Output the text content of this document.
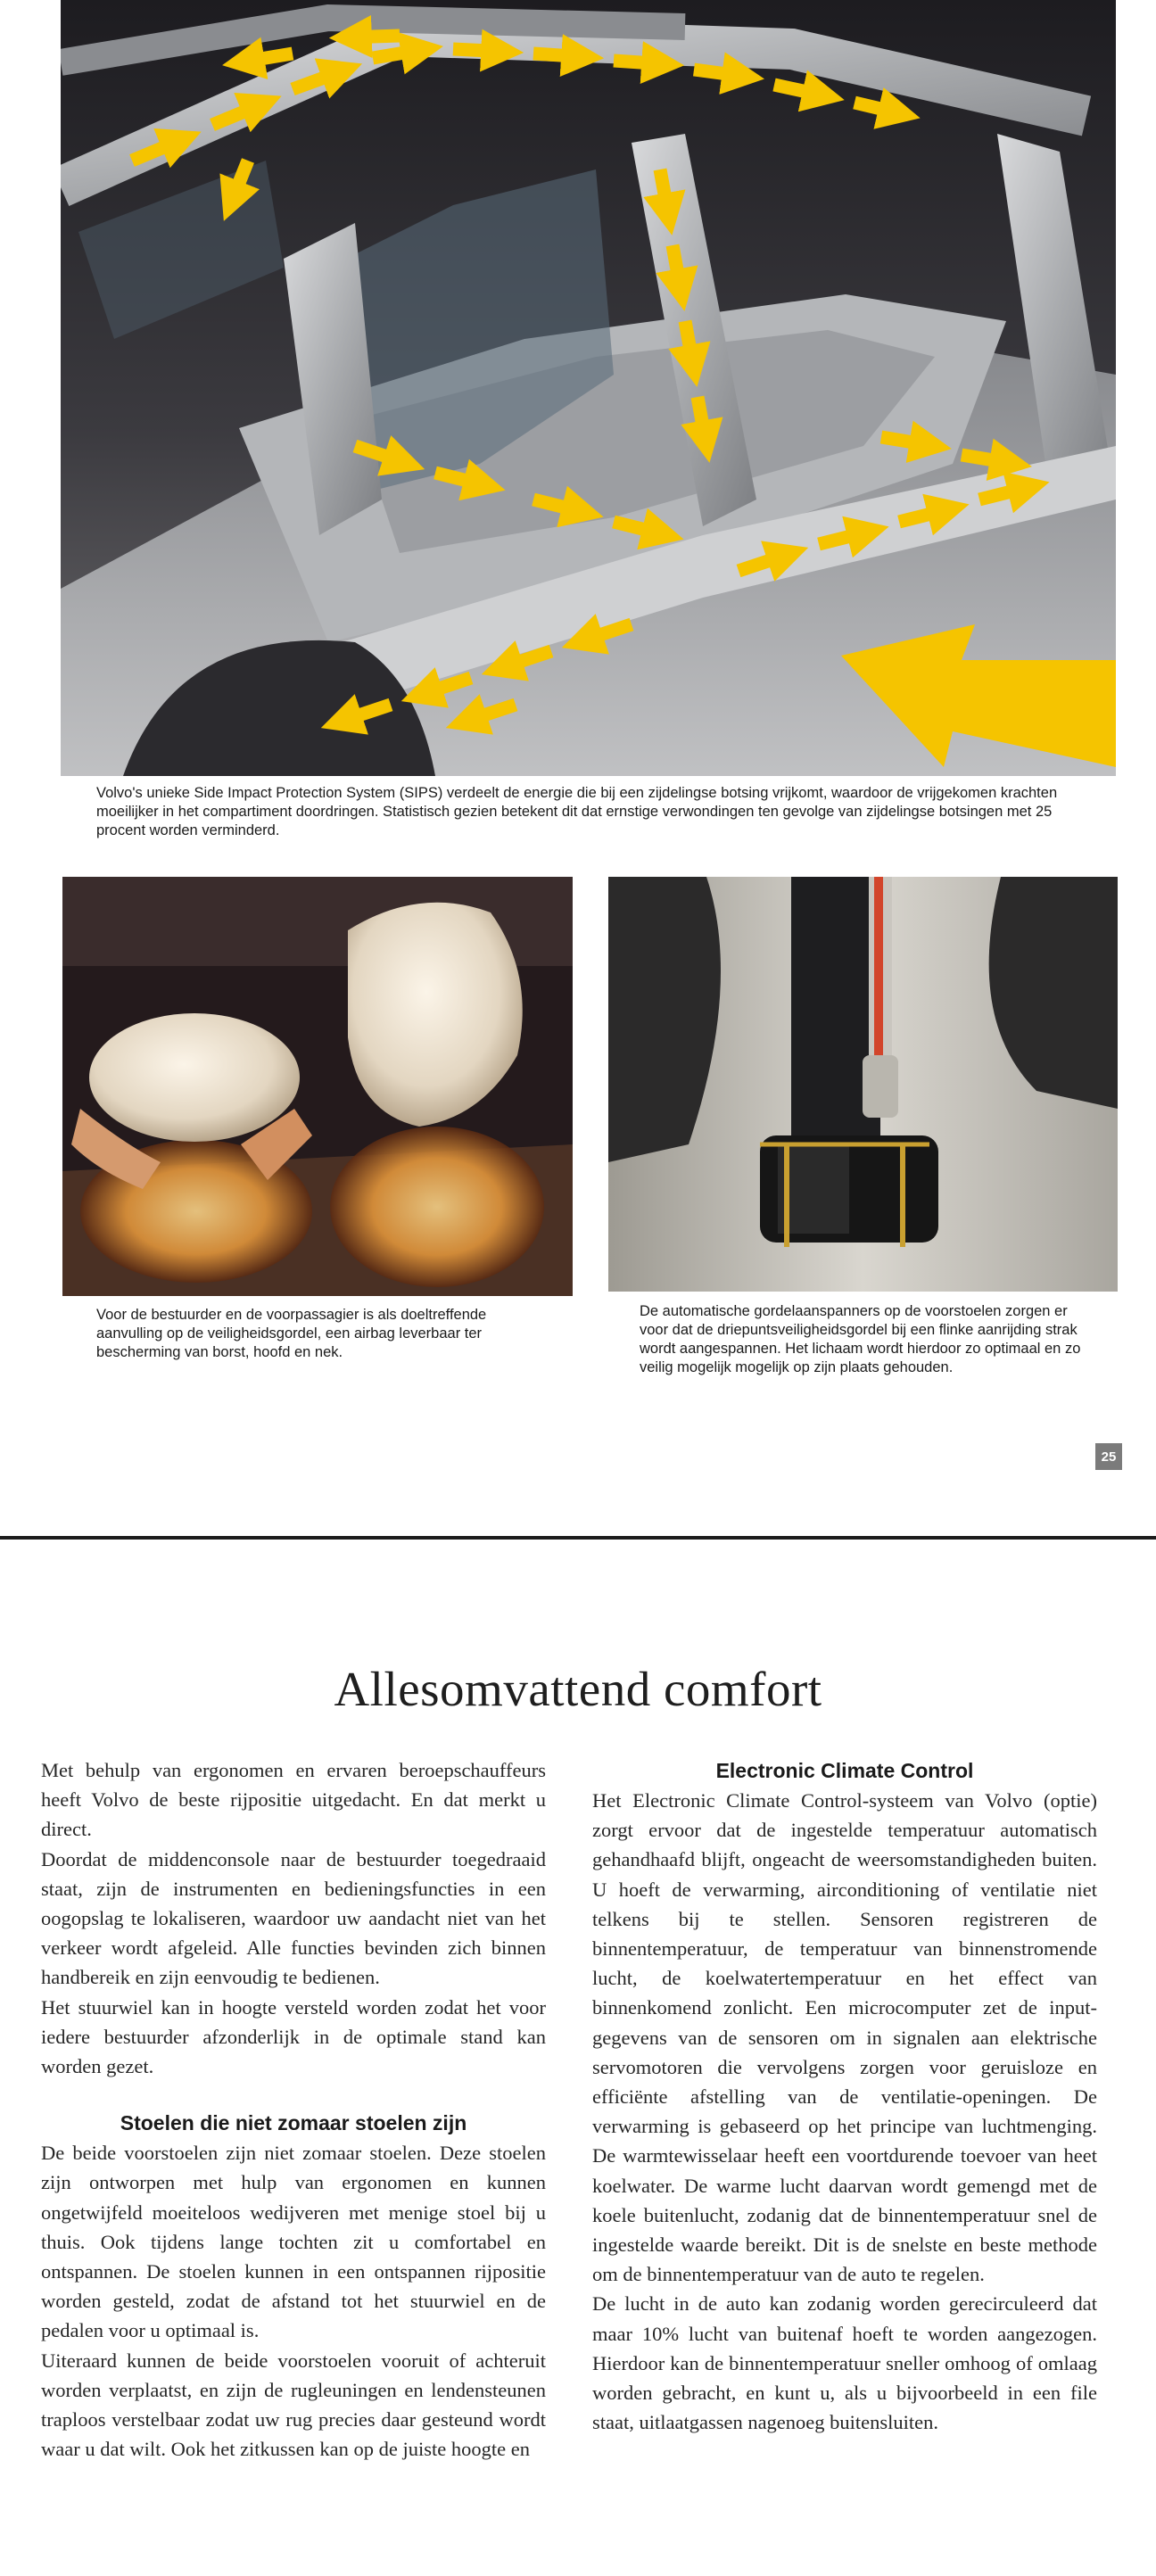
Volvo's unieke Side Impact Protection System (SIPS) verdeelt de energie die bij een zijdelingse botsing vrijkomt, waardoor de vrijgekomen krachten moeilijker in het compartiment doordringen. Statistisch gezien betekent dit dat ernstige verwondingen ten gevolge van zijdelingse botsingen met 25 procent worden verminderd.

Voor de bestuurder en de voorpassagier is als doeltreffende aanvulling op de veiligheidsgordel, een airbag leverbaar ter bescherming van borst, hoofd en nek.

De automatische gordelaanspanners op de voorstoelen zorgen er voor dat de driepuntsveiligheidsgordel bij een flinke aanrijding strak wordt aangespannen. Het lichaam wordt hierdoor zo optimaal en zo veilig mogelijk mogelijk op zijn plaats gehouden.

25
Allesomvattend comfort

Met behulp van ergonomen en ervaren beroepschauffeurs heeft Volvo de beste rijpositie uitgedacht. En dat merkt u direct.

Doordat de middenconsole naar de bestuurder toegedraaid staat, zijn de instrumenten en bedieningsfuncties in een oogopslag te lokaliseren, waardoor uw aandacht niet van het verkeer wordt afgeleid. Alle functies bevinden zich binnen handbereik en zijn eenvoudig te bedienen.

Het stuurwiel kan in hoogte versteld worden zodat het voor iedere bestuurder afzonderlijk in de optimale stand kan worden gezet.

Stoelen die niet zomaar stoelen zijn

De beide voorstoelen zijn niet zomaar stoelen. Deze stoelen zijn ontworpen met hulp van ergonomen en kunnen ongetwijfeld moeiteloos wedijveren met menige stoel bij u thuis. Ook tijdens lange tochten zit u comfortabel en ontspannen. De stoelen kunnen in een ontspannen rijpositie worden gesteld, zodat de afstand tot het stuurwiel en de pedalen voor u optimaal is.

Uiteraard kunnen de beide voorstoelen vooruit of achteruit worden verplaatst, en zijn de rugleuningen en lendensteunen traploos verstelbaar zodat uw rug precies daar gesteund wordt waar u dat wilt. Ook het zitkussen kan op de juiste hoogte en

Electronic Climate Control

Het Electronic Climate Control-systeem van Volvo (optie) zorgt ervoor dat de ingestelde temperatuur automatisch gehandhaafd blijft, ongeacht de weersomstandigheden buiten. U hoeft de verwarming, airconditioning of ventilatie niet telkens bij te stellen. Sensoren registreren de binnentemperatuur, de temperatuur van binnenstromende lucht, de koelwatertemperatuur en het effect van binnenkomend zonlicht. Een microcomputer zet de input-gegevens van de sensoren om in signalen aan elektrische servomotoren die vervolgens zorgen voor geruisloze en efficiënte afstelling van de ventilatie-openingen. De verwarming is gebaseerd op het principe van luchtmenging. De warmtewisselaar heeft een voortdurende toevoer van heet koelwater. De warme lucht daarvan wordt gemengd met de koele buitenlucht, zodanig dat de binnentemperatuur snel de ingestelde waarde bereikt. Dit is de snelste en beste methode om de binnentemperatuur van de auto te regelen.

De lucht in de auto kan zodanig worden gerecirculeerd dat maar 10% lucht van buitenaf hoeft te worden aangezogen. Hierdoor kan de binnentemperatuur sneller omhoog of omlaag worden gebracht, en kunt u, als u bijvoorbeeld in een file staat, uitlaatgassen nagenoeg buitensluiten.
